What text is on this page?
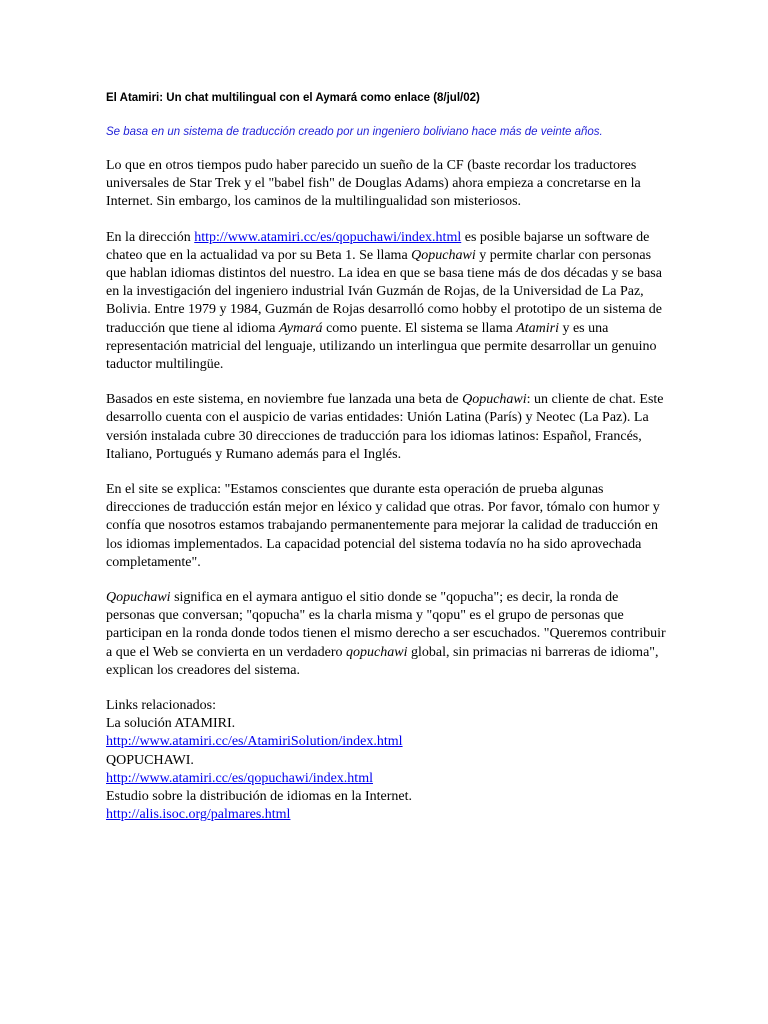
El Atamiri: Un chat multilingual con el Aymará como enlace (8/jul/02)
Se basa en un sistema de traducción creado por un ingeniero boliviano hace más de veinte años.

Lo que en otros tiempos pudo haber parecido un sueño de la CF (baste recordar los traductores universales de Star Trek y el "babel fish" de Douglas Adams) ahora empieza a concretarse en la Internet. Sin embargo, los caminos de la multilingualidad son misteriosos.

En la dirección http://www.atamiri.cc/es/qopuchawi/index.html es posible bajarse un software de chateo que en la actualidad va por su Beta 1. Se llama Qopuchawi y permite charlar con personas que hablan idiomas distintos del nuestro. La idea en que se basa tiene más de dos décadas y se basa en la investigación del ingeniero industrial Iván Guzmán de Rojas, de la Universidad de La Paz, Bolivia. Entre 1979 y 1984, Guzmán de Rojas desarrolló como hobby el prototipo de un sistema de traducción que tiene al idioma Aymará como puente. El sistema se llama Atamiri y es una representación matricial del lenguaje, utilizando un interlingua que permite desarrollar un genuino taductor multilingüe.

Basados en este sistema, en noviembre fue lanzada una beta de Qopuchawi: un cliente de chat. Este desarrollo cuenta con el auspicio de varias entidades: Unión Latina (París) y Neotec (La Paz). La versión instalada cubre 30 direcciones de traducción para los idiomas latinos: Español, Francés, Italiano, Portugués y Rumano además para el Inglés.

En el site se explica: "Estamos conscientes que durante esta operación de prueba algunas direcciones de traducción están mejor en léxico y calidad que otras. Por favor, tómalo con humor y confía que nosotros estamos trabajando permanentemente para mejorar la calidad de traducción en los idiomas implementados. La capacidad potencial del sistema todavía no ha sido aprovechada completamente".

Qopuchawi significa en el aymara antiguo el sitio donde se "qopucha"; es decir, la ronda de personas que conversan; "qopucha" es la charla misma y "qopu" es el grupo de personas que participan en la ronda donde todos tienen el mismo derecho a ser escuchados. "Queremos contribuir a que el Web se convierta en un verdadero qopuchawi global, sin primacias ni barreras de idioma", explican los creadores del sistema.

Links relacionados:
La solución ATAMIRI.
http://www.atamiri.cc/es/AtamiriSolution/index.html
QOPUCHAWI.
http://www.atamiri.cc/es/qopuchawi/index.html
Estudio sobre la distribución de idiomas en la Internet.
http://alis.isoc.org/palmares.html
